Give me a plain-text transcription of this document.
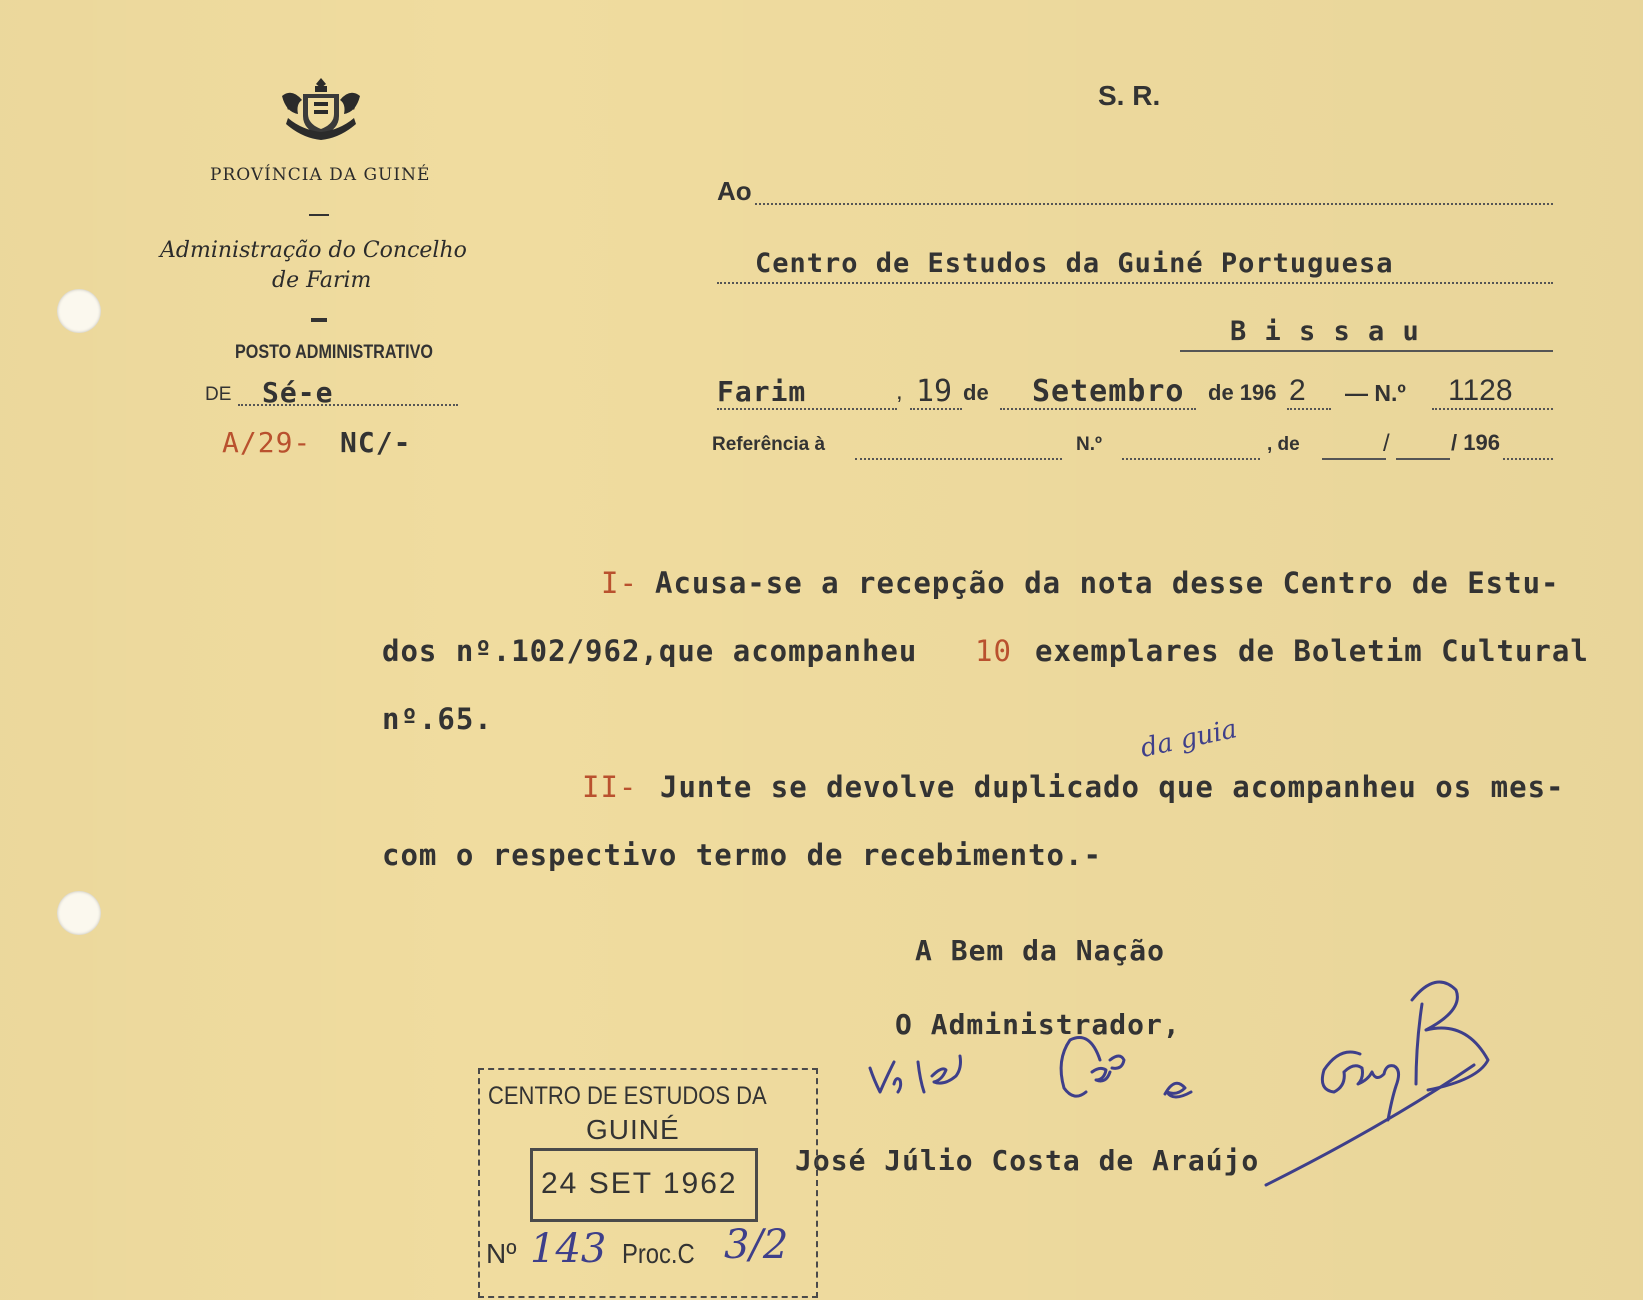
PROVÍNCIA DA GUINÉ
Administração do Concelho
de Farim
POSTO ADMINISTRATIVO
DE Sé-e
A/29- NC/-
S. R.
Ao
Centro de Estudos da Guiné Portuguesa
B i s s a u
Farim	, 19 de Setembro de 196 2 — N.º 1128
Referência à	N.º	, de	/	/ 196
I- Acusa-se a recepção da nota desse Centro de Estu-
dos nº.102/962,que acompanheu 10 exemplares de Boletim Cultural
nº.65.	da guia
II- Junte se devolve duplicado que acompanheu os mes-
com o respectivo termo de recebimento.-
A Bem da Nação
O Administrador,
José Júlio Costa de Araújo
CENTRO DE ESTUDOS DA
GUINÉ
24 SET 1962
Nº 143 Proc.C 3/2
